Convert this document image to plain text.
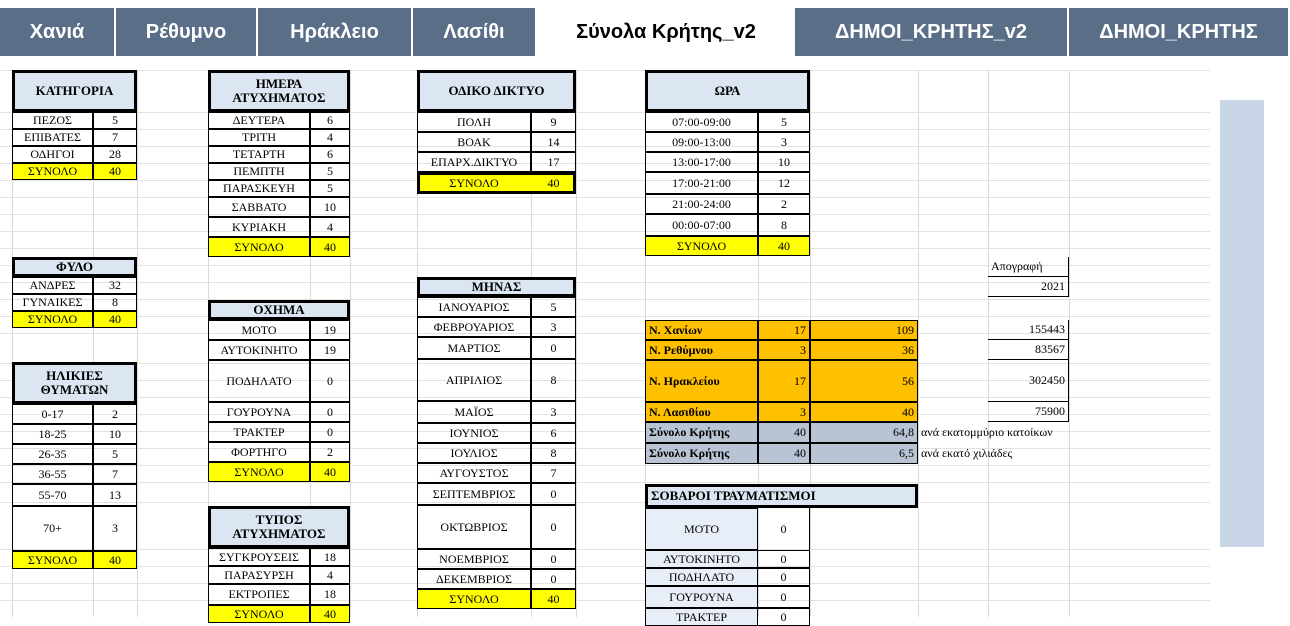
Χανιά	Ρέθυμνο	Ηράκλειο	Λασίθι	Σύνολα Κρήτης_v2	ΔΗΜΟΙ_ΚΡΗΤΗΣ_v2	ΔΗΜΟΙ_ΚΡΗΤΗΣ
ΚΑΤΗΓΟΡΙΑ
ΠΕΖΟΣ	5
ΕΠΙΒΑΤΕΣ	7
ΟΔΗΓΟΙ	28
ΣΥΝΟΛΟ	40
ΦΥΛΟ
ΑΝΔΡΕΣ	32
ΓΥΝΑΙΚΕΣ	8
ΣΥΝΟΛΟ	40
ΗΛΙΚΙΕΣ ΘΥΜΑΤΩΝ
0-17	2
18-25	10
26-35	5
36-55	7
55-70	13
70+	3
ΣΥΝΟΛΟ	40
ΗΜΕΡΑ ΑΤΥΧΗΜΑΤΟΣ
ΔΕΥΤΕΡΑ	6
ΤΡΙΤΗ	4
ΤΕΤΑΡΤΗ	6
ΠΕΜΠΤΗ	5
ΠΑΡΑΣΚΕΥΗ	5
ΣΑΒΒΑΤΟ	10
ΚΥΡΙΑΚΗ	4
ΣΥΝΟΛΟ	40
ΟΧΗΜΑ
ΜΟΤΟ	19
ΑΥΤΟΚΙΝΗΤΟ	19
ΠΟΔΗΛΑΤΟ	0
ΓΟΥΡΟΥΝΑ	0
ΤΡΑΚΤΕΡ	0
ΦΟΡΤΗΓΟ	2
ΣΥΝΟΛΟ	40
ΤΥΠΟΣ ΑΤΥΧΗΜΑΤΟΣ
ΣΥΓΚΡΟΥΣΕΙΣ	18
ΠΑΡΑΣΥΡΣΗ	4
ΕΚΤΡΟΠΕΣ	18
ΣΥΝΟΛΟ	40
ΟΔΙΚΟ ΔΙΚΤΥΟ
ΠΟΛΗ	9
ΒΟΑΚ	14
ΕΠΑΡΧ.ΔΙΚΤΥΟ	17
ΣΥΝΟΛΟ	40
ΜΗΝΑΣ
ΙΑΝΟΥΑΡΙΟΣ	5
ΦΕΒΡΟΥΑΡΙΟΣ	3
ΜΑΡΤΙΟΣ	0
ΑΠΡΙΛΙΟΣ	8
ΜΑΪΟΣ	3
ΙΟΥΝΙΟΣ	6
ΙΟΥΛΙΟΣ	8
ΑΥΓΟΥΣΤΟΣ	7
ΣΕΠΤΕΜΒΡΙΟΣ	0
ΟΚΤΩΒΡΙΟΣ	0
ΝΟΕΜΒΡΙΟΣ	0
ΔΕΚΕΜΒΡΙΟΣ	0
ΣΥΝΟΛΟ	40
ΩΡΑ
07:00-09:00	5
09:00-13:00	3
13:00-17:00	10
17:00-21:00	12
21:00-24:00	2
00:00-07:00	8
ΣΥΝΟΛΟ	40
Απογραφή
2021
Ν. Χανίων	17	109	155443
Ν. Ρεθύμνου	3	36	83567
Ν. Ηρακλείου	17	56	302450
Ν. Λασιθίου	3	40	75900
Σύνολο Κρήτης	40	64,8 ανά εκατομμύριο κατοίκων
Σύνολο Κρήτης	40	6,5 ανά εκατό χιλιάδες
ΣΟΒΑΡΟΙ ΤΡΑΥΜΑΤΙΣΜΟΙ
ΜΟΤΟ	0
ΑΥΤΟΚΙΝΗΤΟ	0
ΠΟΔΗΛΑΤΟ	0
ΓΟΥΡΟΥΝΑ	0
ΤΡΑΚΤΕΡ	0
